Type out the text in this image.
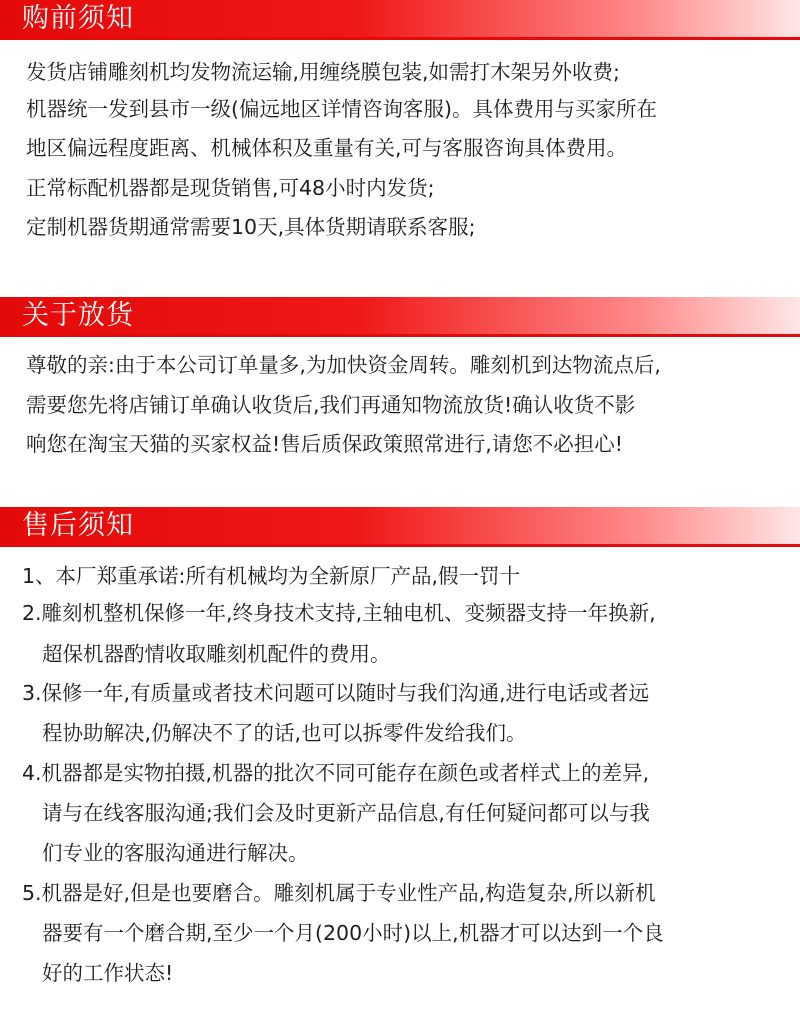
购前须知
发货店铺雕刻机均发物流运输,用缠绕膜包装,如需打木架另外收费;
机器统一发到县市一级(偏远地区详情咨询客服)。具体费用与买家所在
地区偏远程度距离、机械体积及重量有关,可与客服咨询具体费用。
正常标配机器都是现货销售,可48小时内发货;
定制机器货期通常需要10天,具体货期请联系客服;
关于放货
尊敬的亲:由于本公司订单量多,为加快资金周转。雕刻机到达物流点后,
需要您先将店铺订单确认收货后,我们再通知物流放货!确认收货不影
响您在淘宝天猫的买家权益!售后质保政策照常进行,请您不必担心!
售后须知
1、本厂郑重承诺:所有机械均为全新原厂产品,假一罚十
2.雕刻机整机保修一年,终身技术支持,主轴电机、变频器支持一年换新,
超保机器酌情收取雕刻机配件的费用。
3.保修一年,有质量或者技术问题可以随时与我们沟通,进行电话或者远
程协助解决,仍解决不了的话,也可以拆零件发给我们。
4.机器都是实物拍摄,机器的批次不同可能存在颜色或者样式上的差异,
请与在线客服沟通;我们会及时更新产品信息,有任何疑问都可以与我
们专业的客服沟通进行解决。
5.机器是好,但是也要磨合。雕刻机属于专业性产品,构造复杂,所以新机
器要有一个磨合期,至少一个月(200小时)以上,机器才可以达到一个良
好的工作状态!
